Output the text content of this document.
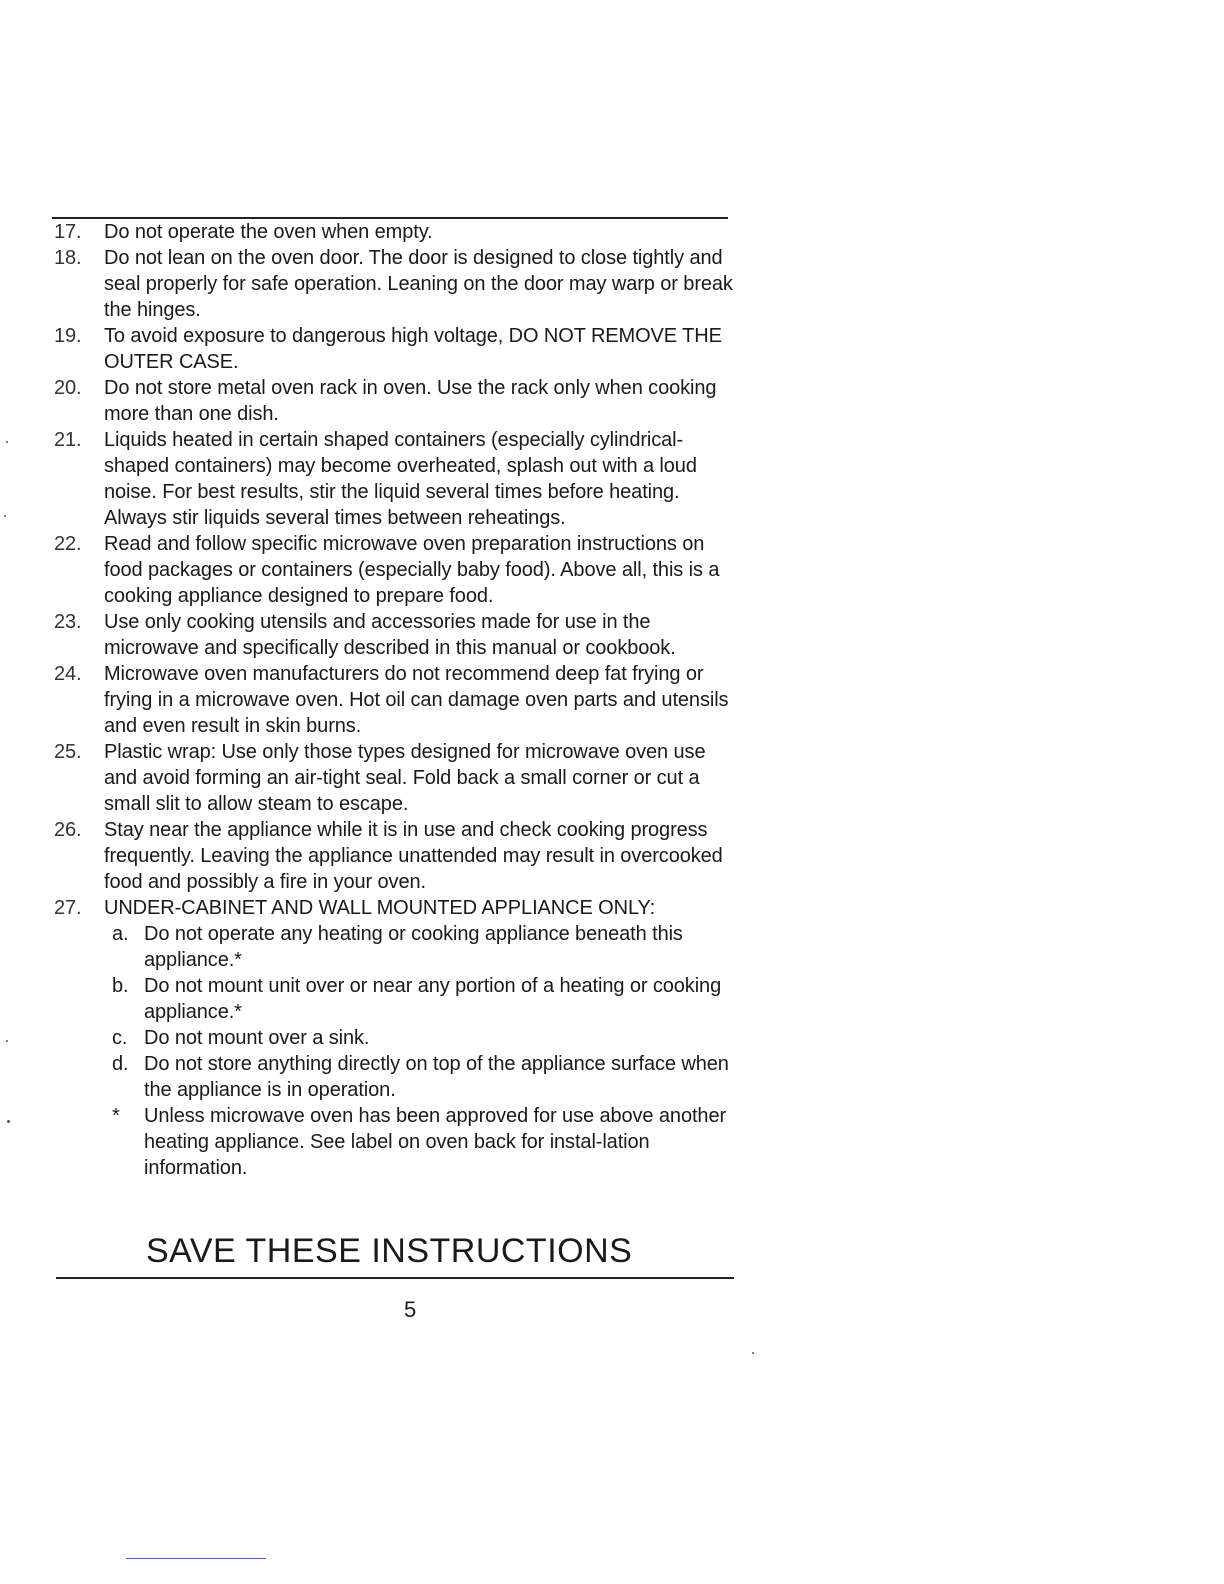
17.	Do not operate the oven when empty.
18.	Do not lean on the oven door. The door is designed to close tightly and seal properly for safe operation. Leaning on the door may warp or break the hinges.
19.	To avoid exposure to dangerous high voltage, DO NOT REMOVE THE OUTER CASE.
20.	Do not store metal oven rack in oven. Use the rack only when cooking more than one dish.
21.	Liquids heated in certain shaped containers (especially cylindrical-shaped containers) may become overheated, splash out with a loud noise. For best results, stir the liquid several times before heating. Always stir liquids several times between reheatings.
22.	Read and follow specific microwave oven preparation instructions on food packages or containers (especially baby food). Above all, this is a cooking appliance designed to prepare food.
23.	Use only cooking utensils and accessories made for use in the microwave and specifically described in this manual or cookbook.
24.	Microwave oven manufacturers do not recommend deep fat frying or frying in a microwave oven. Hot oil can damage oven parts and utensils and even result in skin burns.
25.	Plastic wrap: Use only those types designed for microwave oven use and avoid forming an air-tight seal. Fold back a small corner or cut a small slit to allow steam to escape.
26.	Stay near the appliance while it is in use and check cooking progress frequently. Leaving the appliance unattended may result in overcooked food and possibly a fire in your oven.
27.	UNDER-CABINET AND WALL MOUNTED APPLIANCE ONLY:
a. Do not operate any heating or cooking appliance beneath this appliance.*
b. Do not mount unit over or near any portion of a heating or cooking appliance.*
c. Do not mount over a sink.
d. Do not store anything directly on top of the appliance surface when the appliance is in operation.
*	Unless microwave oven has been approved for use above another heating appliance. See label on oven back for instal-lation information.
SAVE THESE INSTRUCTIONS
5
